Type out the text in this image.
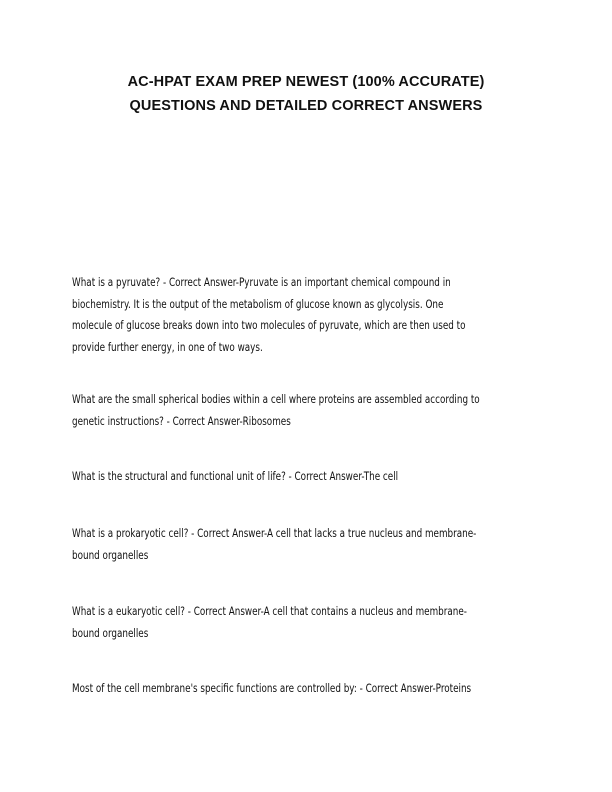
AC-HPAT EXAM PREP NEWEST (100% ACCURATE)
QUESTIONS AND DETAILED CORRECT ANSWERS
What is a pyruvate? - Correct Answer-Pyruvate is an important chemical compound in
biochemistry. It is the output of the metabolism of glucose known as glycolysis. One
molecule of glucose breaks down into two molecules of pyruvate, which are then used to
provide further energy, in one of two ways.
What are the small spherical bodies within a cell where proteins are assembled according to
genetic instructions? - Correct Answer-Ribosomes
What is the structural and functional unit of life? - Correct Answer-The cell
What is a prokaryotic cell? - Correct Answer-A cell that lacks a true nucleus and membrane-
bound organelles
What is a eukaryotic cell? - Correct Answer-A cell that contains a nucleus and membrane-
bound organelles
Most of the cell membrane's specific functions are controlled by: - Correct Answer-Proteins
